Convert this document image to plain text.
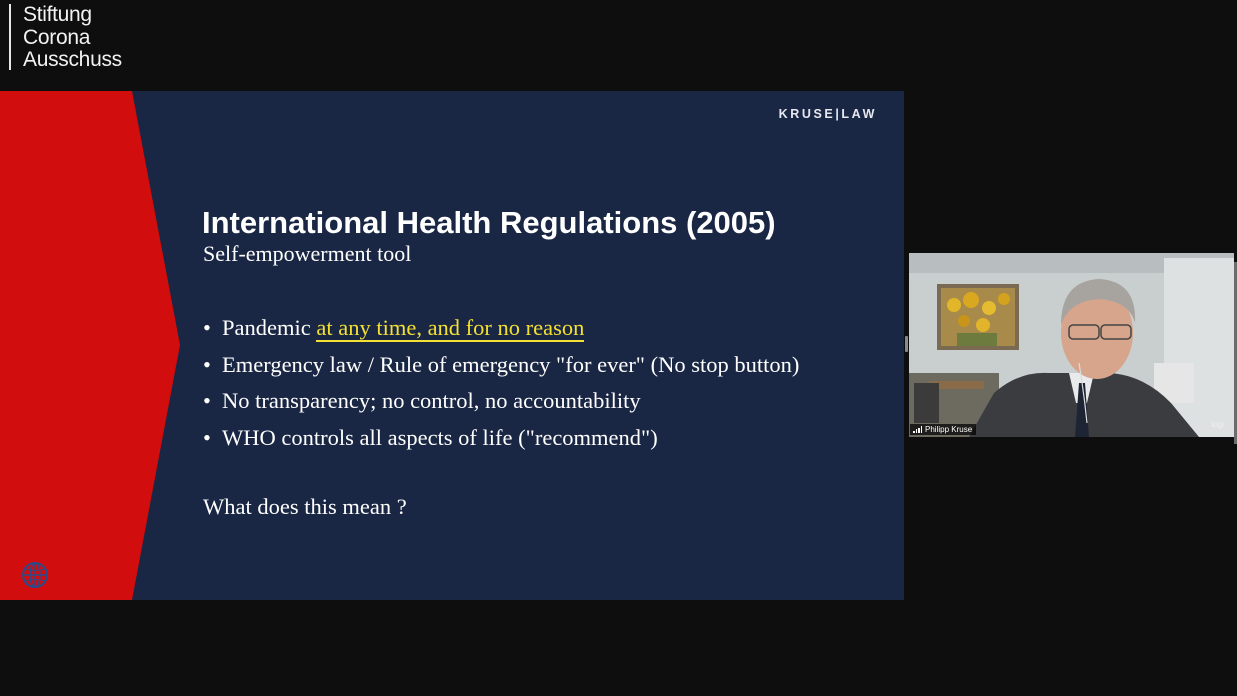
Stiftung
Corona
Ausschuss
KRUSE|LAW
International Health Regulations (2005)
Self-empowerment tool
• Pandemic at any time, and for no reason
• Emergency law / Rule of emergency "for ever" (No stop button)
• No transparency; no control, no accountability
• WHO controls all aspects of life ("recommend")
What does this mean ?
Philipp Kruse
logi
